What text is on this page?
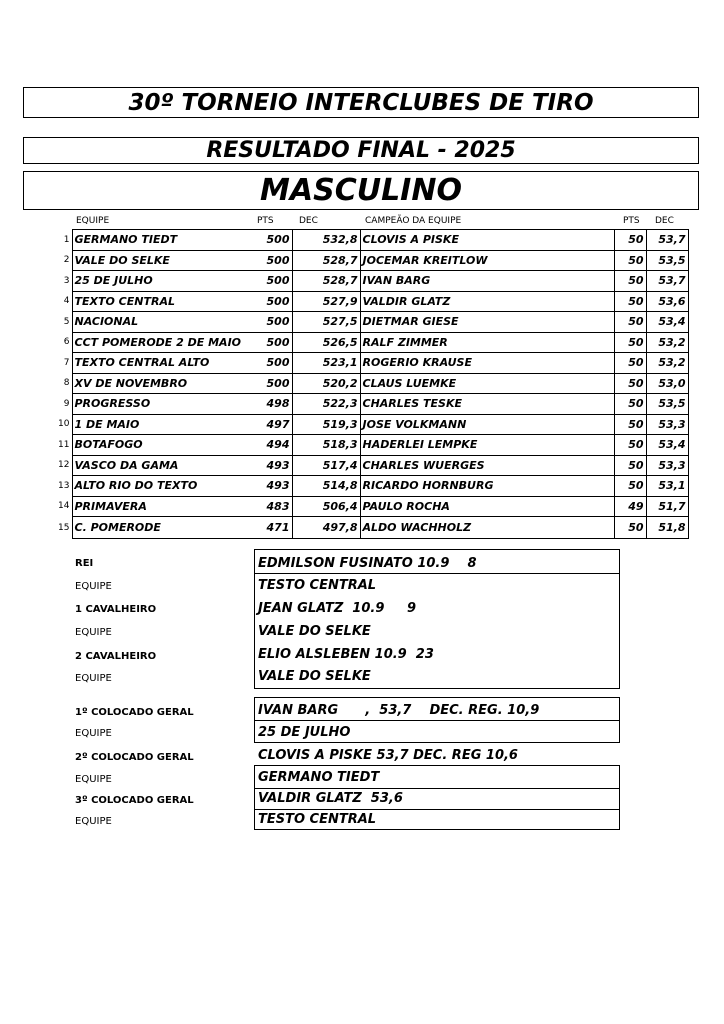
30º TORNEIO INTERCLUBES DE TIRO
RESULTADO FINAL - 2025
MASCULINO
EQUIPE	PTS	DEC	CAMPEÃO DA EQUIPE	PTS DEC
1	GERMANO TIEDT	500	532,8	CLOVIS A PISKE	50	53,7
2	VALE DO SELKE	500	528,7	JOCEMAR KREITLOW	50	53,5
3	25 DE JULHO	500	528,7	IVAN BARG	50	53,7
4	TEXTO CENTRAL	500	527,9	VALDIR GLATZ	50	53,6
5	NACIONAL	500	527,5	DIETMAR GIESE	50	53,4
6	CCT POMERODE 2 DE MAIO	500	526,5	RALF ZIMMER	50	53,2
7	TEXTO CENTRAL ALTO	500	523,1	ROGERIO KRAUSE	50	53,2
8	XV DE NOVEMBRO	500	520,2	CLAUS LUEMKE	50	53,0
9	PROGRESSO	498	522,3	CHARLES TESKE	50	53,5
10	1 DE MAIO	497	519,3	JOSE VOLKMANN	50	53,3
11	BOTAFOGO	494	518,3	HADERLEI LEMPKE	50	53,4
12	VASCO DA GAMA	493	517,4	CHARLES WUERGES	50	53,3
13	ALTO RIO DO TEXTO	493	514,8	RICARDO HORNBURG	50	53,1
14	PRIMAVERA	483	506,4	PAULO ROCHA	49	51,7
15	C. POMERODE	471	497,8	ALDO WACHHOLZ	50	51,8
REI	EDMILSON FUSINATO 10.9    8
EQUIPE	TESTO CENTRAL
1 CAVALHEIRO	JEAN GLATZ  10.9     9
EQUIPE	VALE DO SELKE
2 CAVALHEIRO	ELIO ALSLEBEN 10.9  23
EQUIPE	VALE DO SELKE
1º COLOCADO GERAL	IVAN BARG      ,  53,7    DEC. REG. 10,9
EQUIPE	25 DE JULHO
2º COLOCADO GERAL	CLOVIS A PISKE 53,7 DEC. REG 10,6
EQUIPE	GERMANO TIEDT
3º COLOCADO GERAL	VALDIR GLATZ  53,6
EQUIPE	TESTO CENTRAL
